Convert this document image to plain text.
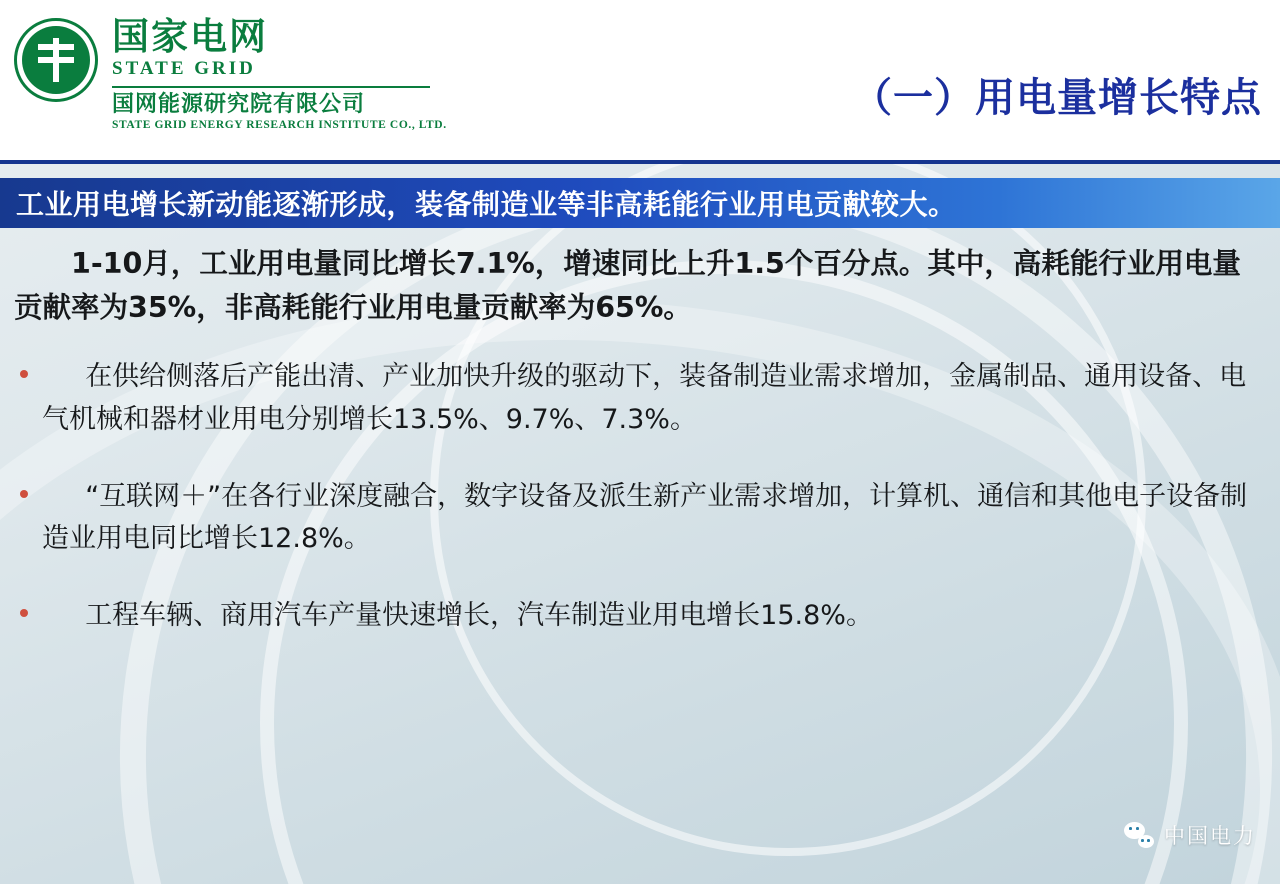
国家电网
STATE GRID
国网能源研究院有限公司
STATE GRID ENERGY RESEARCH INSTITUTE CO., LTD.
（一）用电量增长特点
工业用电增长新动能逐渐形成，装备制造业等非高耗能行业用电贡献较大。
1-10月，工业用电量同比增长7.1%，增速同比上升1.5个百分点。其中，高耗能行业用电量贡献率为35%，非高耗能行业用电量贡献率为65%。
在供给侧落后产能出清、产业加快升级的驱动下，装备制造业需求增加，金属制品、通用设备、电气机械和器材业用电分别增长13.5%、9.7%、7.3%。
“互联网＋”在各行业深度融合，数字设备及派生新产业需求增加，计算机、通信和其他电子设备制造业用电同比增长12.8%。
工程车辆、商用汽车产量快速增长，汽车制造业用电增长15.8%。
中国电力
